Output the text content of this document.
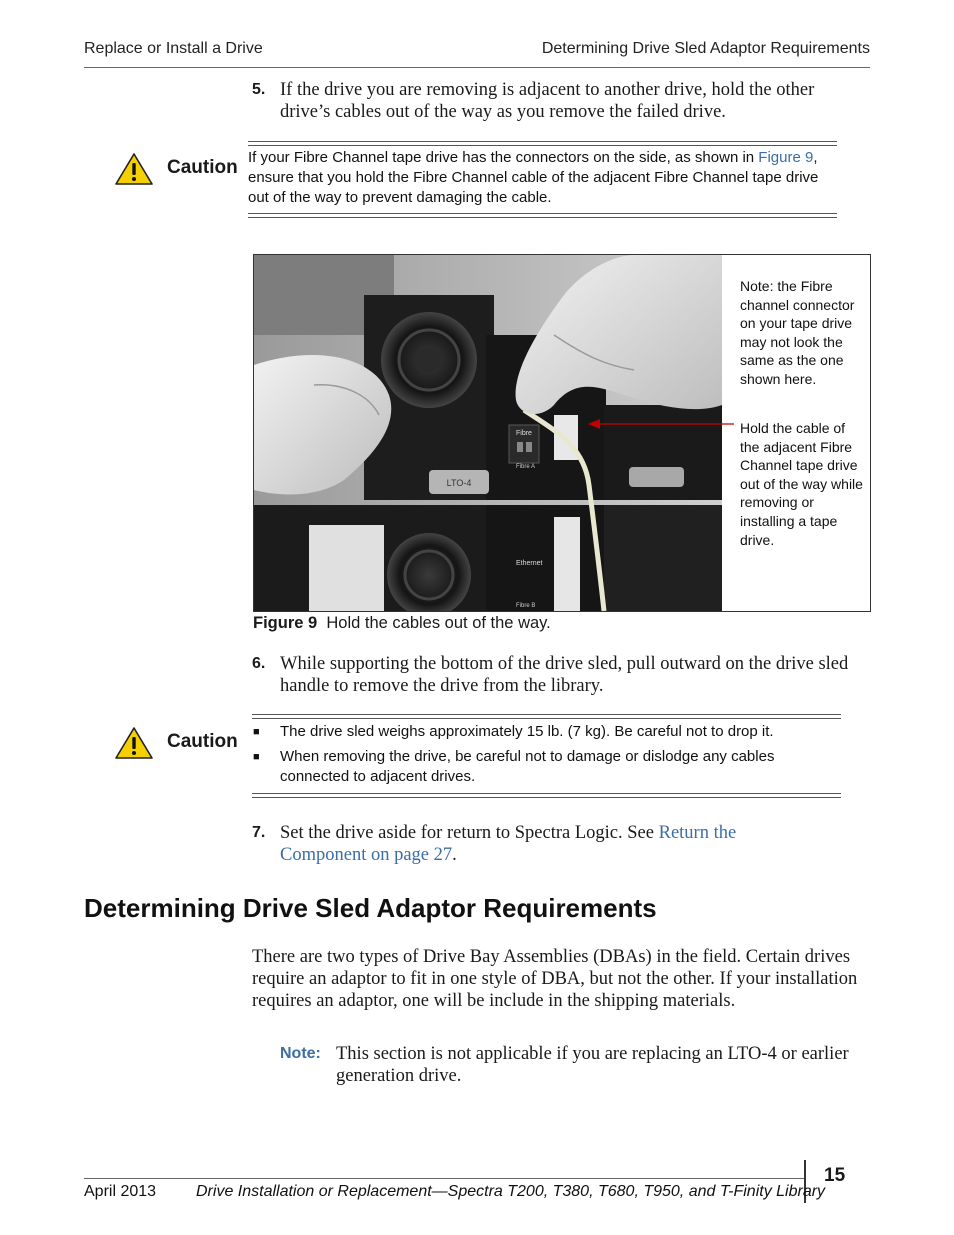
Replace or Install a Drive	Determining Drive Sled Adaptor Requirements
5. If the drive you are removing is adjacent to another drive, hold the other drive’s cables out of the way as you remove the failed drive.
Caution If your Fibre Channel tape drive has the connectors on the side, as shown in Figure 9, ensure that you hold the Fibre Channel cable of the adjacent Fibre Channel tape drive out of the way to prevent damaging the cable.
LTO-4
Fibre
Fibre A
Ethernet
Fibre B
Note: the Fibre channel connector on your tape drive may not look the same as the one shown here.
Hold the cable of the adjacent Fibre Channel tape drive out of the way while removing or installing a tape drive.
Figure 9 Hold the cables out of the way.
6. While supporting the bottom of the drive sled, pull outward on the drive sled handle to remove the drive from the library.
Caution ■ The drive sled weighs approximately 15 lb. (7 kg). Be careful not to drop it.
■ When removing the drive, be careful not to damage or dislodge any cables connected to adjacent drives.
7. Set the drive aside for return to Spectra Logic. See Return the Component on page 27.
Determining Drive Sled Adaptor Requirements
There are two types of Drive Bay Assemblies (DBAs) in the field. Certain drives require an adaptor to fit in one style of DBA, but not the other. If your installation requires an adaptor, one will be include in the shipping materials.
Note: This section is not applicable if you are replacing an LTO-4 or earlier generation drive.
April 2013 Drive Installation or Replacement—Spectra T200, T380, T680, T950, and T-Finity Library
15
